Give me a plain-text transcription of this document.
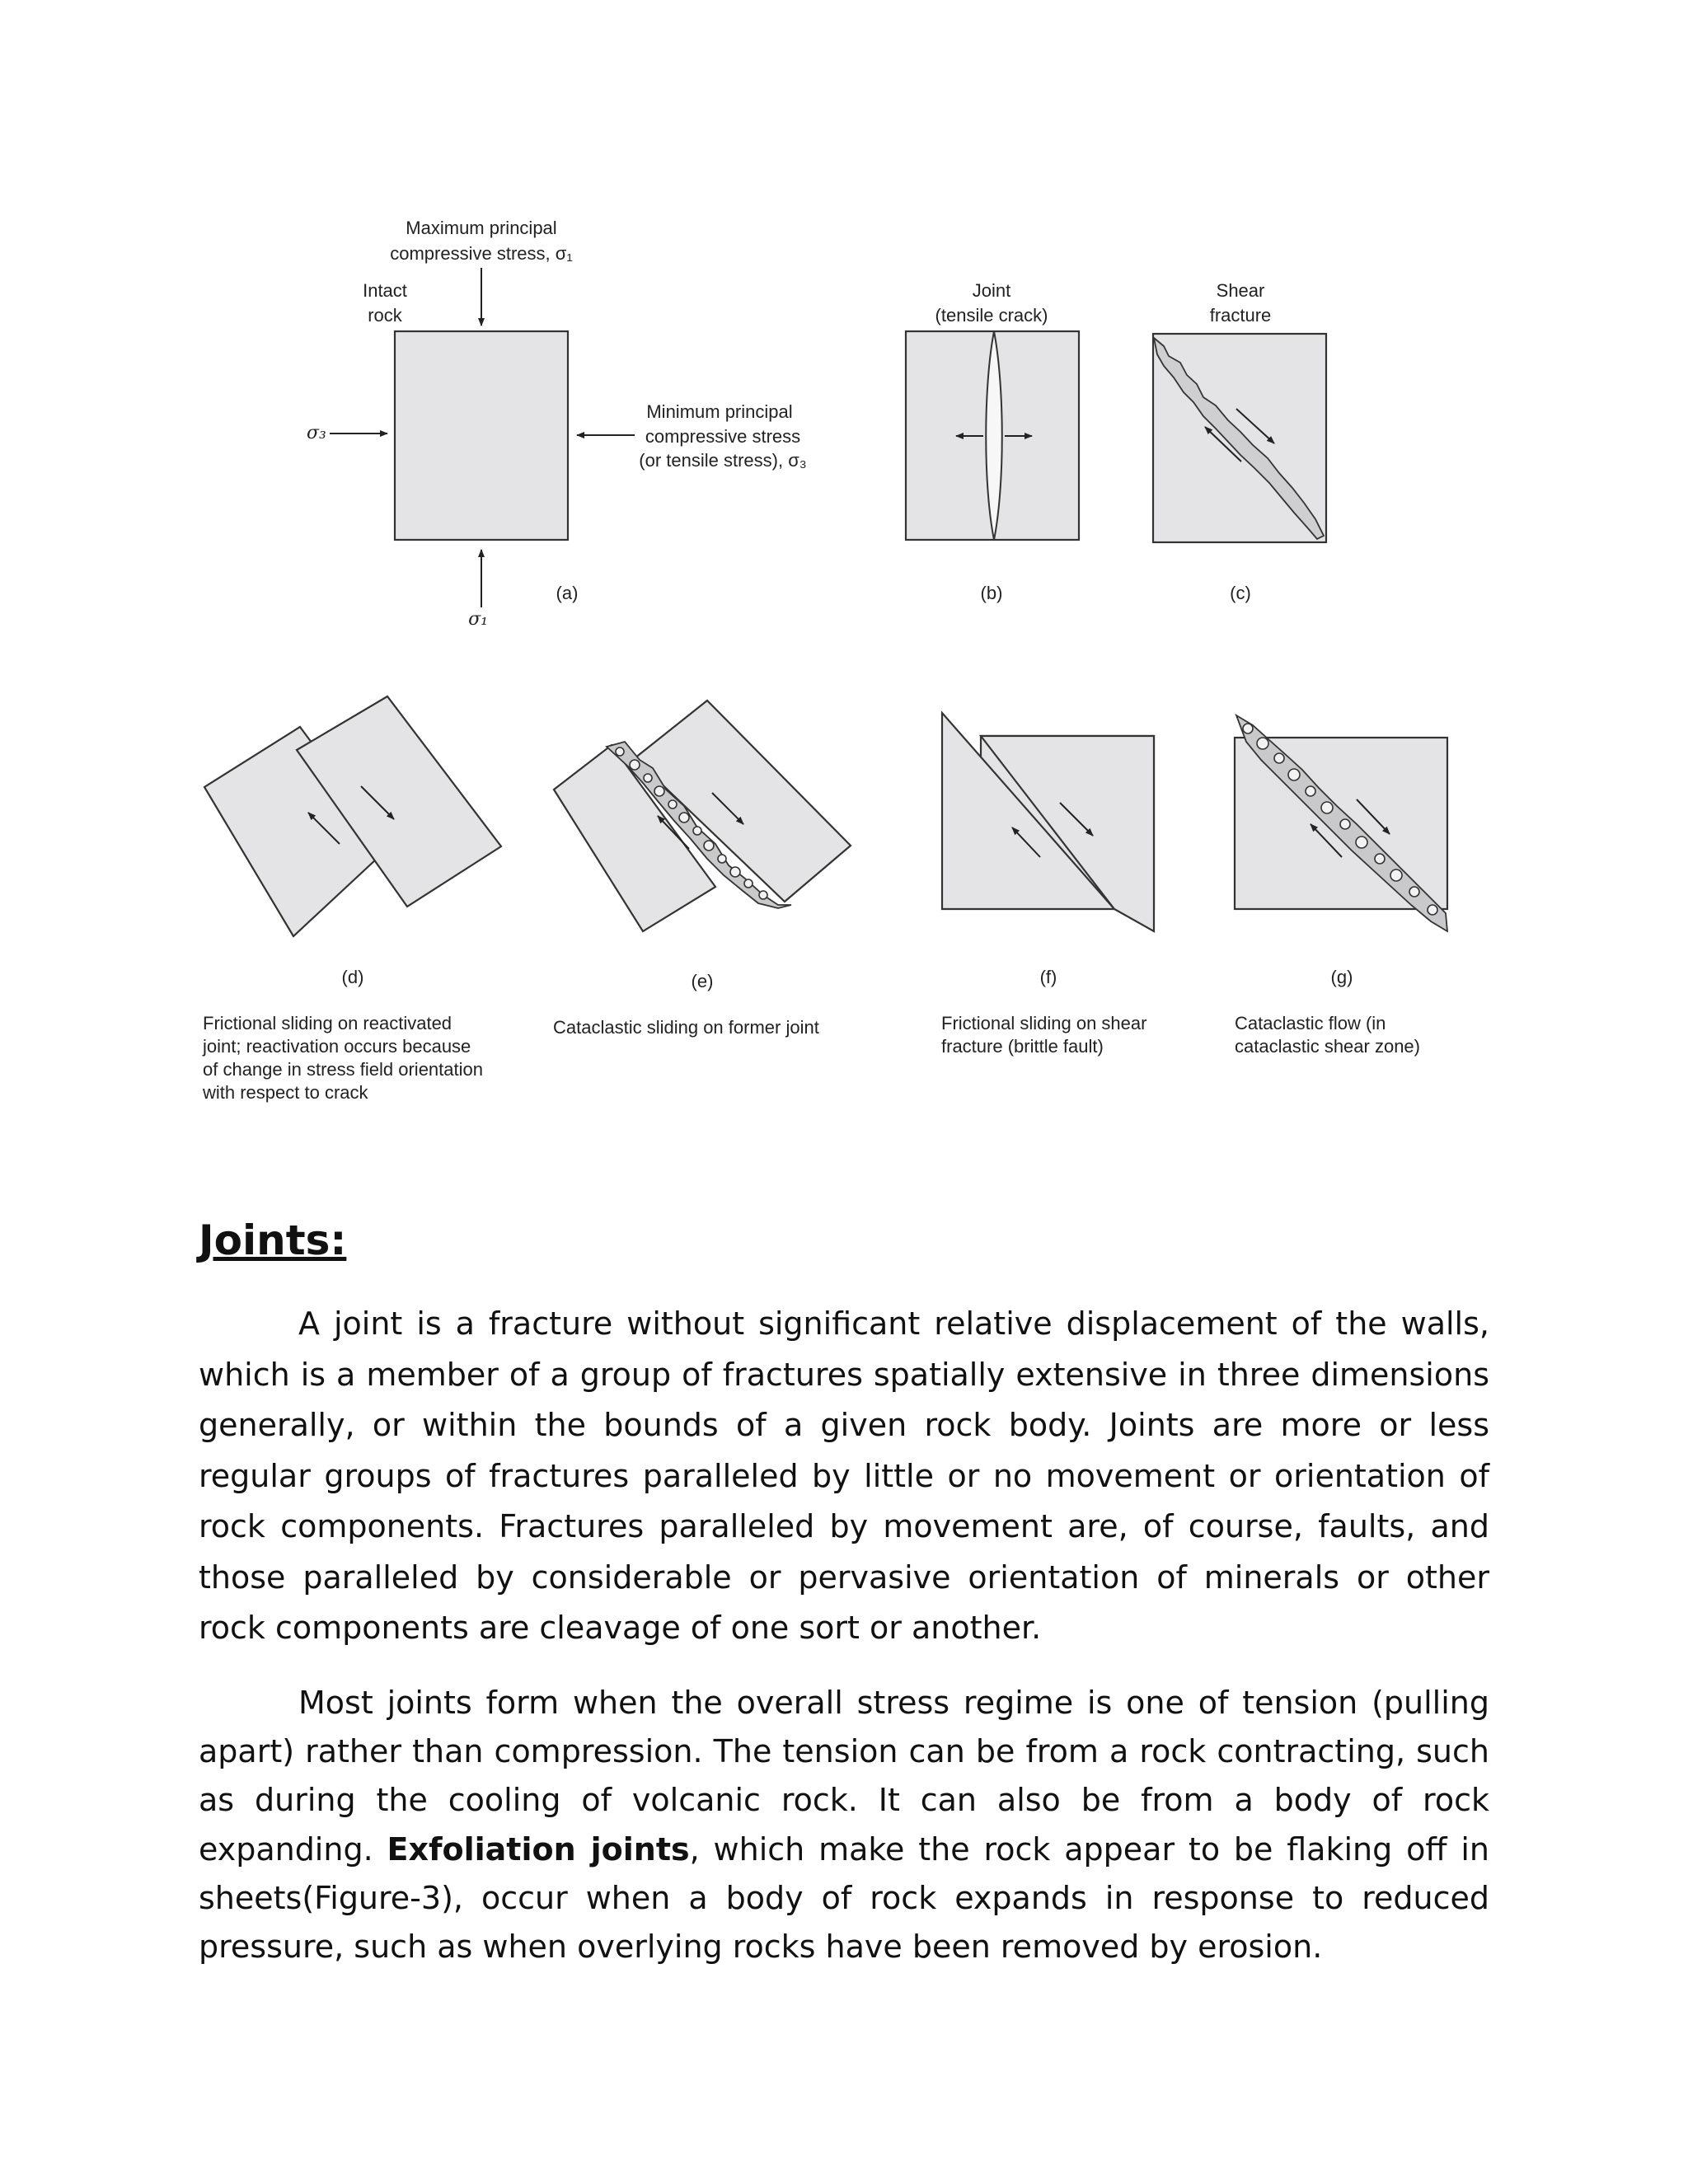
Maximum principal
compressive stress, σ₁
Intact
rock
σ₃
Minimum principal
compressive stress
(or tensile stress), σ₃
σ₁
(a)
Joint
(tensile crack)
(b)
Shear
fracture
(c)
(d)	(e)	(f)	(g)
Frictional sliding on reactivated
joint; reactivation occurs because
of change in stress field orientation
with respect to crack
Cataclastic sliding on former joint	Frictional sliding on shear
fracture (brittle fault)
Cataclastic flow (in
cataclastic shear zone)
Joints:

A joint is a fracture without significant relative displacement of the walls, which is a member of a group of fractures spatially extensive in three dimensions generally, or within the bounds of a given rock body. Joints are more or less regular groups of fractures paralleled by little or no movement or orientation of rock components. Fractures paralleled by movement are, of course, faults, and those paralleled by considerable or pervasive orientation of minerals or other rock components are cleavage of one sort or another.

Most joints form when the overall stress regime is one of tension (pulling apart) rather than compression. The tension can be from a rock contracting, such as during the cooling of volcanic rock. It can also be from a body of rock expanding. Exfoliation joints, which make the rock appear to be flaking off in sheets(Figure-3), occur when a body of rock expands in response to reduced pressure, such as when overlying rocks have been removed by erosion.
